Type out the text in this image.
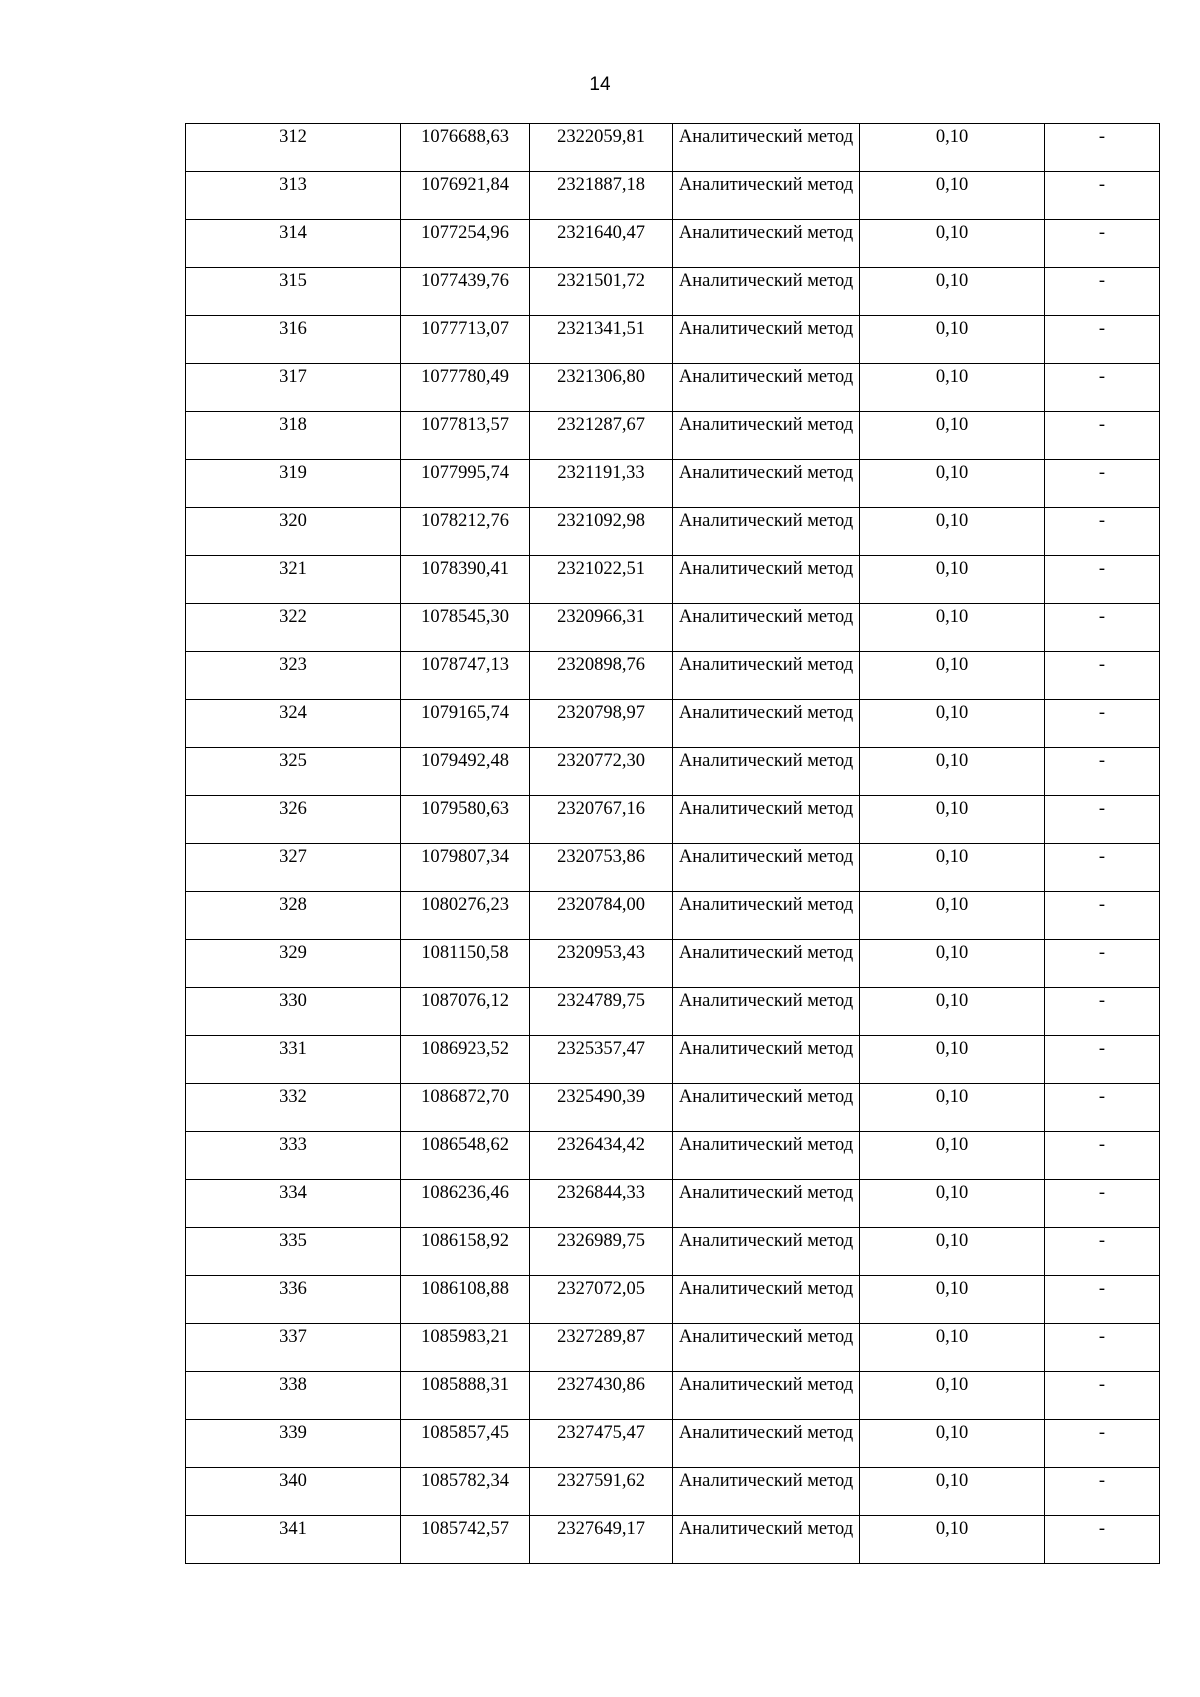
14
312	1076688,63	2322059,81	Аналитический метод	0,10	-

313	1076921,84	2321887,18	Аналитический метод	0,10	-

314	1077254,96	2321640,47	Аналитический метод	0,10	-

315	1077439,76	2321501,72	Аналитический метод	0,10	-

316	1077713,07	2321341,51	Аналитический метод	0,10	-

317	1077780,49	2321306,80	Аналитический метод	0,10	-

318	1077813,57	2321287,67	Аналитический метод	0,10	-

319	1077995,74	2321191,33	Аналитический метод	0,10	-

320	1078212,76	2321092,98	Аналитический метод	0,10	-

321	1078390,41	2321022,51	Аналитический метод	0,10	-

322	1078545,30	2320966,31	Аналитический метод	0,10	-

323	1078747,13	2320898,76	Аналитический метод	0,10	-

324	1079165,74	2320798,97	Аналитический метод	0,10	-

325	1079492,48	2320772,30	Аналитический метод	0,10	-

326	1079580,63	2320767,16	Аналитический метод	0,10	-

327	1079807,34	2320753,86	Аналитический метод	0,10	-

328	1080276,23	2320784,00	Аналитический метод	0,10	-

329	1081150,58	2320953,43	Аналитический метод	0,10	-

330	1087076,12	2324789,75	Аналитический метод	0,10	-

331	1086923,52	2325357,47	Аналитический метод	0,10	-

332	1086872,70	2325490,39	Аналитический метод	0,10	-

333	1086548,62	2326434,42	Аналитический метод	0,10	-

334	1086236,46	2326844,33	Аналитический метод	0,10	-

335	1086158,92	2326989,75	Аналитический метод	0,10	-

336	1086108,88	2327072,05	Аналитический метод	0,10	-

337	1085983,21	2327289,87	Аналитический метод	0,10	-

338	1085888,31	2327430,86	Аналитический метод	0,10	-

339	1085857,45	2327475,47	Аналитический метод	0,10	-

340	1085782,34	2327591,62	Аналитический метод	0,10	-

341	1085742,57	2327649,17	Аналитический метод	0,10	-
